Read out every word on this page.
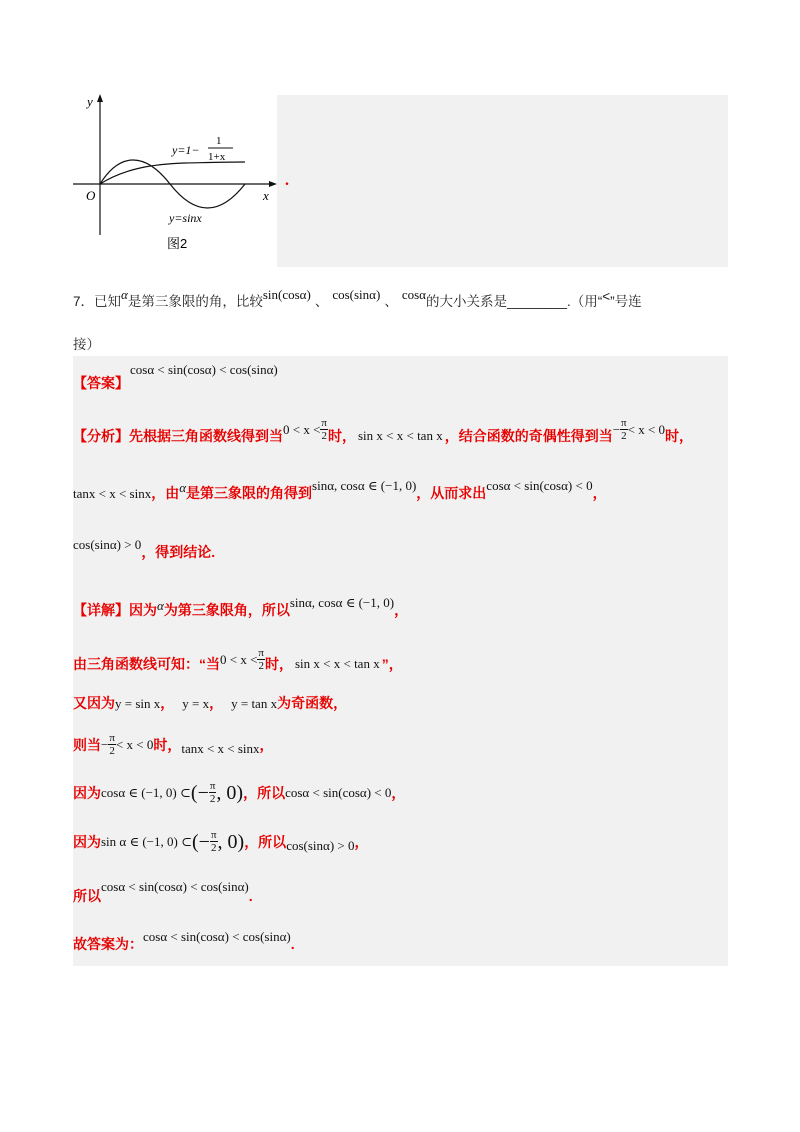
y
x
O
y=1−
1
1+x
y=sinx
图2
.
7．已知α是第三象限的角，比较sin(cosα) 、 cos(sinα) 、 cosα的大小关系是________.（用“<”号连
接）
【答案】
cosα < sin(cosα) < cos(sinα)
【分析】 先根据三角函数线得到当 $0 < x < \frac{\pi}{2}$ 时， sin x < x < tan x ，结合函数的奇偶性得到当 − $\frac{\pi}{2} < x < 0$ 时，
tanx < x < sinx，由α是第三象限的角得到sinα, cosα ∈ (−1, 0)，从而求出cosα < sin(cosα) < 0，
cos(sinα) > 0，得到结论.
【详解】因为α为第三象限角，所以sinα, cosα ∈ (−1, 0)，
由三角函数线可知：“当 $0 < x < \frac{\pi}{2}$ 时， sin x < x < tan x ”，
又因为y = sin x， y = x， y = tan x为奇函数，
则当 − $\frac{\pi}{2} < x < 0$ 时， tanx < x < sinx ，
因为 cosα ∈ (−1, 0) ⊂ (− $\frac{\pi}{2}$ , 0) ，所以 cosα < sin(cosα) < 0 ，
因为 sin α ∈ (−1, 0) ⊂ (− $\frac{\pi}{2}$ , 0) ，所以 cos(sinα) > 0 ，
所以cosα < sin(cosα) < cos(sinα).
故答案为：cosα < sin(cosα) < cos(sinα).
